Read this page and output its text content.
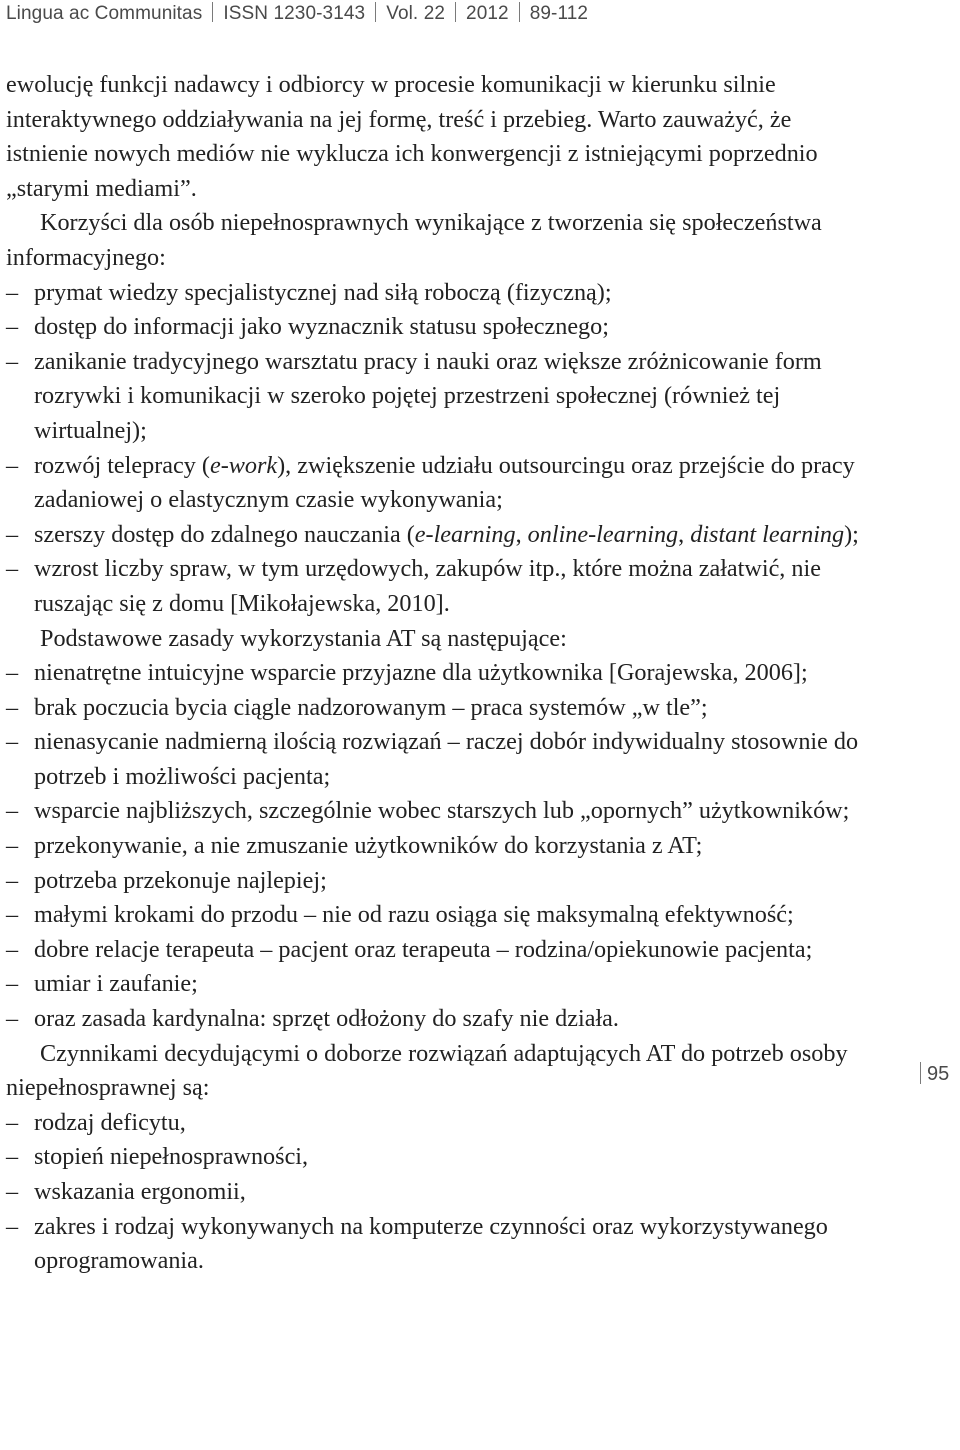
Lingua ac Communitas ISSN 1230-3143 Vol. 22 2012 89-112

ewolucję funkcji nadawcy i odbiorcy w procesie komunikacji w kierunku silnie interaktywnego oddziaływania na jej formę, treść i przebieg. Warto zauważyć, że istnienie nowych mediów nie wyklucza ich konwergencji z istniejącymi poprzednio „starymi mediami”.

Korzyści dla osób niepełnosprawnych wynikające z tworzenia się społeczeństwa informacyjnego:

– prymat wiedzy specjalistycznej nad siłą roboczą (fizyczną);

– dostęp do informacji jako wyznacznik statusu społecznego;

– zanikanie tradycyjnego warsztatu pracy i nauki oraz większe zróżnicowanie form rozrywki i komunikacji w szeroko pojętej przestrzeni społecznej (również tej wirtualnej);

– rozwój telepracy (e-work), zwiększenie udziału outsourcingu oraz przejście do pracy zadaniowej o elastycznym czasie wykonywania;

– szerszy dostęp do zdalnego nauczania (e-learning, online-learning, distant learning);

– wzrost liczby spraw, w tym urzędowych, zakupów itp., które można załatwić, nie ruszając się z domu [Mikołajewska, 2010].

Podstawowe zasady wykorzystania AT są następujące:

– nienatrętne intuicyjne wsparcie przyjazne dla użytkownika [Gorajewska, 2006];

– brak poczucia bycia ciągle nadzorowanym – praca systemów „w tle”;

– nienasycanie nadmierną ilością rozwiązań – raczej dobór indywidualny stosownie do potrzeb i możliwości pacjenta;

– wsparcie najbliższych, szczególnie wobec starszych lub „opornych” użytkowników;

– przekonywanie, a nie zmuszanie użytkowników do korzystania z AT;

– potrzeba przekonuje najlepiej;

– małymi krokami do przodu – nie od razu osiąga się maksymalną efektywność;

– dobre relacje terapeuta – pacjent oraz terapeuta – rodzina/opiekunowie pacjenta;

– umiar i zaufanie;

– oraz zasada kardynalna: sprzęt odłożony do szafy nie działa.

Czynnikami decydującymi o doborze rozwiązań adaptujących AT do potrzeb osoby niepełnosprawnej są:

– rodzaj deficytu,

– stopień niepełnosprawności,

– wskazania ergonomii,

– zakres i rodzaj wykonywanych na komputerze czynności oraz wykorzystywanego oprogramowania.

95
